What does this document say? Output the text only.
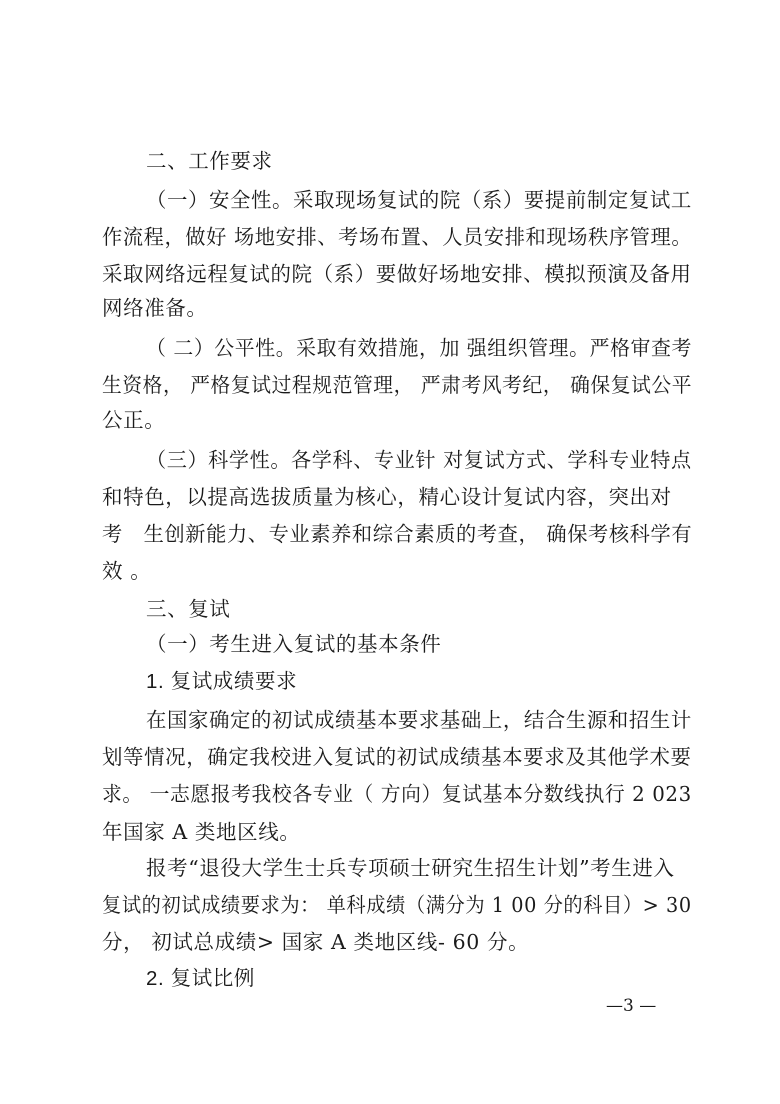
二、工作要求
（一）安全性。采取现场复试的院（系）要提前制定复试工
作流程，做好 场地安排、考场布置、人员安排和现场秩序管理。
采取网络远程复试的院（系）要做好场地安排、模拟预演及备用
网络准备。
（ 二）公平性。采取有效措施，加 强组织管理。严格审查考
生资格， 严格复试过程规范管理， 严肃考风考纪， 确保复试公平
公正。
（三）科学性。各学科、专业针 对复试方式、学科专业特点
和特色，以提高选拔质量为核心，精心设计复试内容，突出对
考　生创新能力、专业素养和综合素质的考查， 确保考核科学有
效 。
三、复试
（一）考生进入复试的基本条件
1. 复试成绩要求
在国家确定的初试成绩基本要求基础上，结合生源和招生计
划等情况，确定我校进入复试的初试成绩基本要求及其他学术要
求。 一志愿报考我校各专业（ 方向）复试基本分数线执行 2 023
年国家 A 类地区线。
报考“退役大学生士兵专项硕士研究生招生计划”考生进入
复试的初试成绩要求为： 单科成绩（满分为 1 00 分的科目）> 30
分， 初试总成绩> 国家 A 类地区线- 60 分。
2. 复试比例
—3 —
